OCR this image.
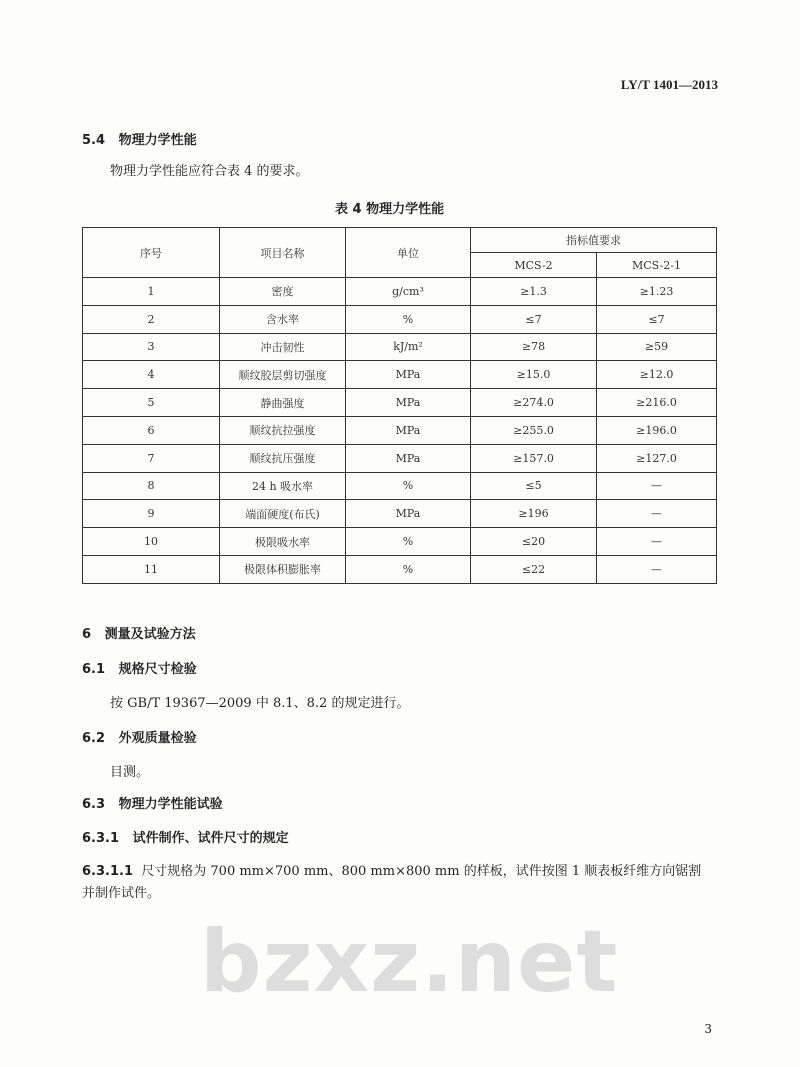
bzxz.net
LY/T 1401—2013
5.4 物理力学性能
物理力学性能应符合表 4 的要求。
表 4 物理力学性能
序号	项目名称	单位	指标值要求	
			MCS-2	MCS-2-1
1	密度	g/cm³	≥1.3	≥1.23
2	含水率	%	≤7	≤7
3	冲击韧性	kJ/m²	≥78	≥59
4	顺纹胶层剪切强度	MPa	≥15.0	≥12.0
5	静曲强度	MPa	≥274.0	≥216.0
6	顺纹抗拉强度	MPa	≥255.0	≥196.0
7	顺纹抗压强度	MPa	≥157.0	≥127.0
8	24 h 吸水率	%	≤5	—
9	端面硬度(布氏)	MPa	≥196	—
10	极限吸水率	%	≤20	—
11	极限体积膨胀率	%	≤22	—
6 测量及试验方法
6.1 规格尺寸检验
按 GB/T 19367—2009 中 8.1、8.2 的规定进行。
6.2 外观质量检验
目测。
6.3 物理力学性能试验
6.3.1 试件制作、试件尺寸的规定
6.3.1.1 尺寸规格为 700 mm×700 mm、800 mm×800 mm 的样板，试件按图 1 顺表板纤维方向锯割
并制作试件。
3
